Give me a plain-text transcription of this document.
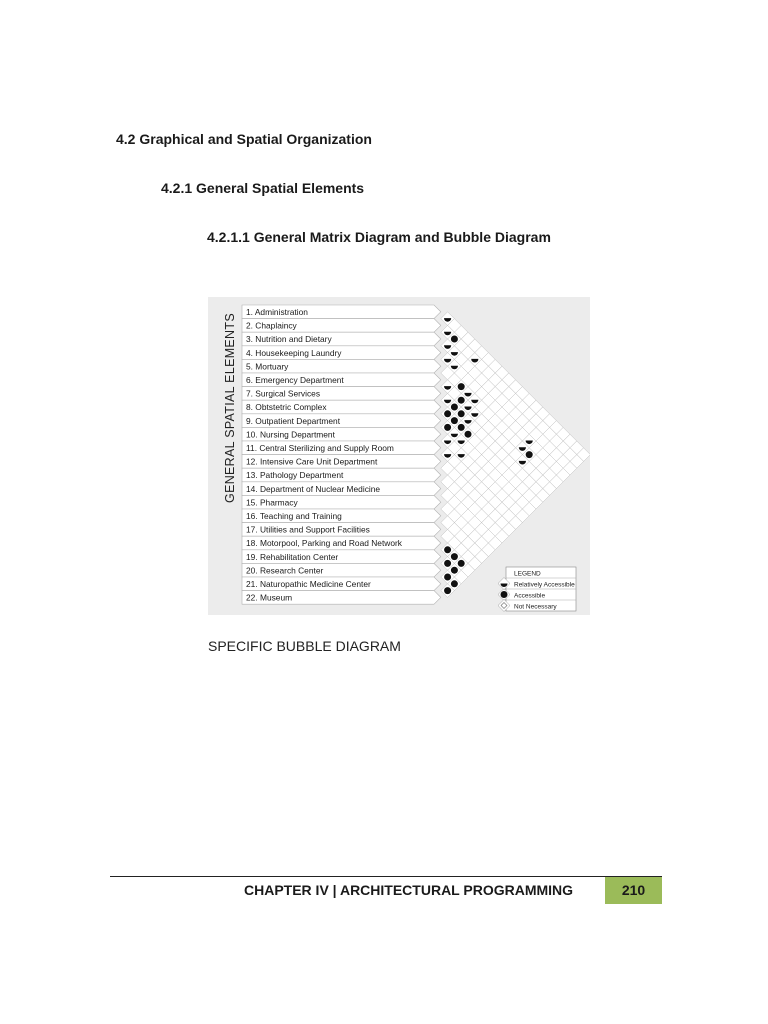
4.2 Graphical and Spatial Organization
4.2.1 General Spatial Elements
4.2.1.1 General Matrix Diagram and Bubble Diagram
1. Administration
2. Chaplaincy
3. Nutrition and Dietary
4. Housekeeping Laundry
5. Mortuary
6. Emergency Department
7. Surgical Services
8. Obtstetric Complex
9. Outpatient Department
10. Nursing Department
11. Central Sterilizing and Supply Room
12. Intensive Care Unit Department
13. Pathology Department
14. Department of Nuclear Medicine
15. Pharmacy
16. Teaching and Training
17. Utilities and Support Facilities
18. Motorpool, Parking and Road Network
19. Rehabilitation Center
20. Research Center
21. Naturopathic Medicine Center
22. Museum
GENERAL SPATIAL ELEMENTS
LEGEND
Relatively Accessible
Accessible
Not Necessary
SPECIFIC BUBBLE DIAGRAM
CHAPTER IV | ARCHITECTURAL PROGRAMMING	210
